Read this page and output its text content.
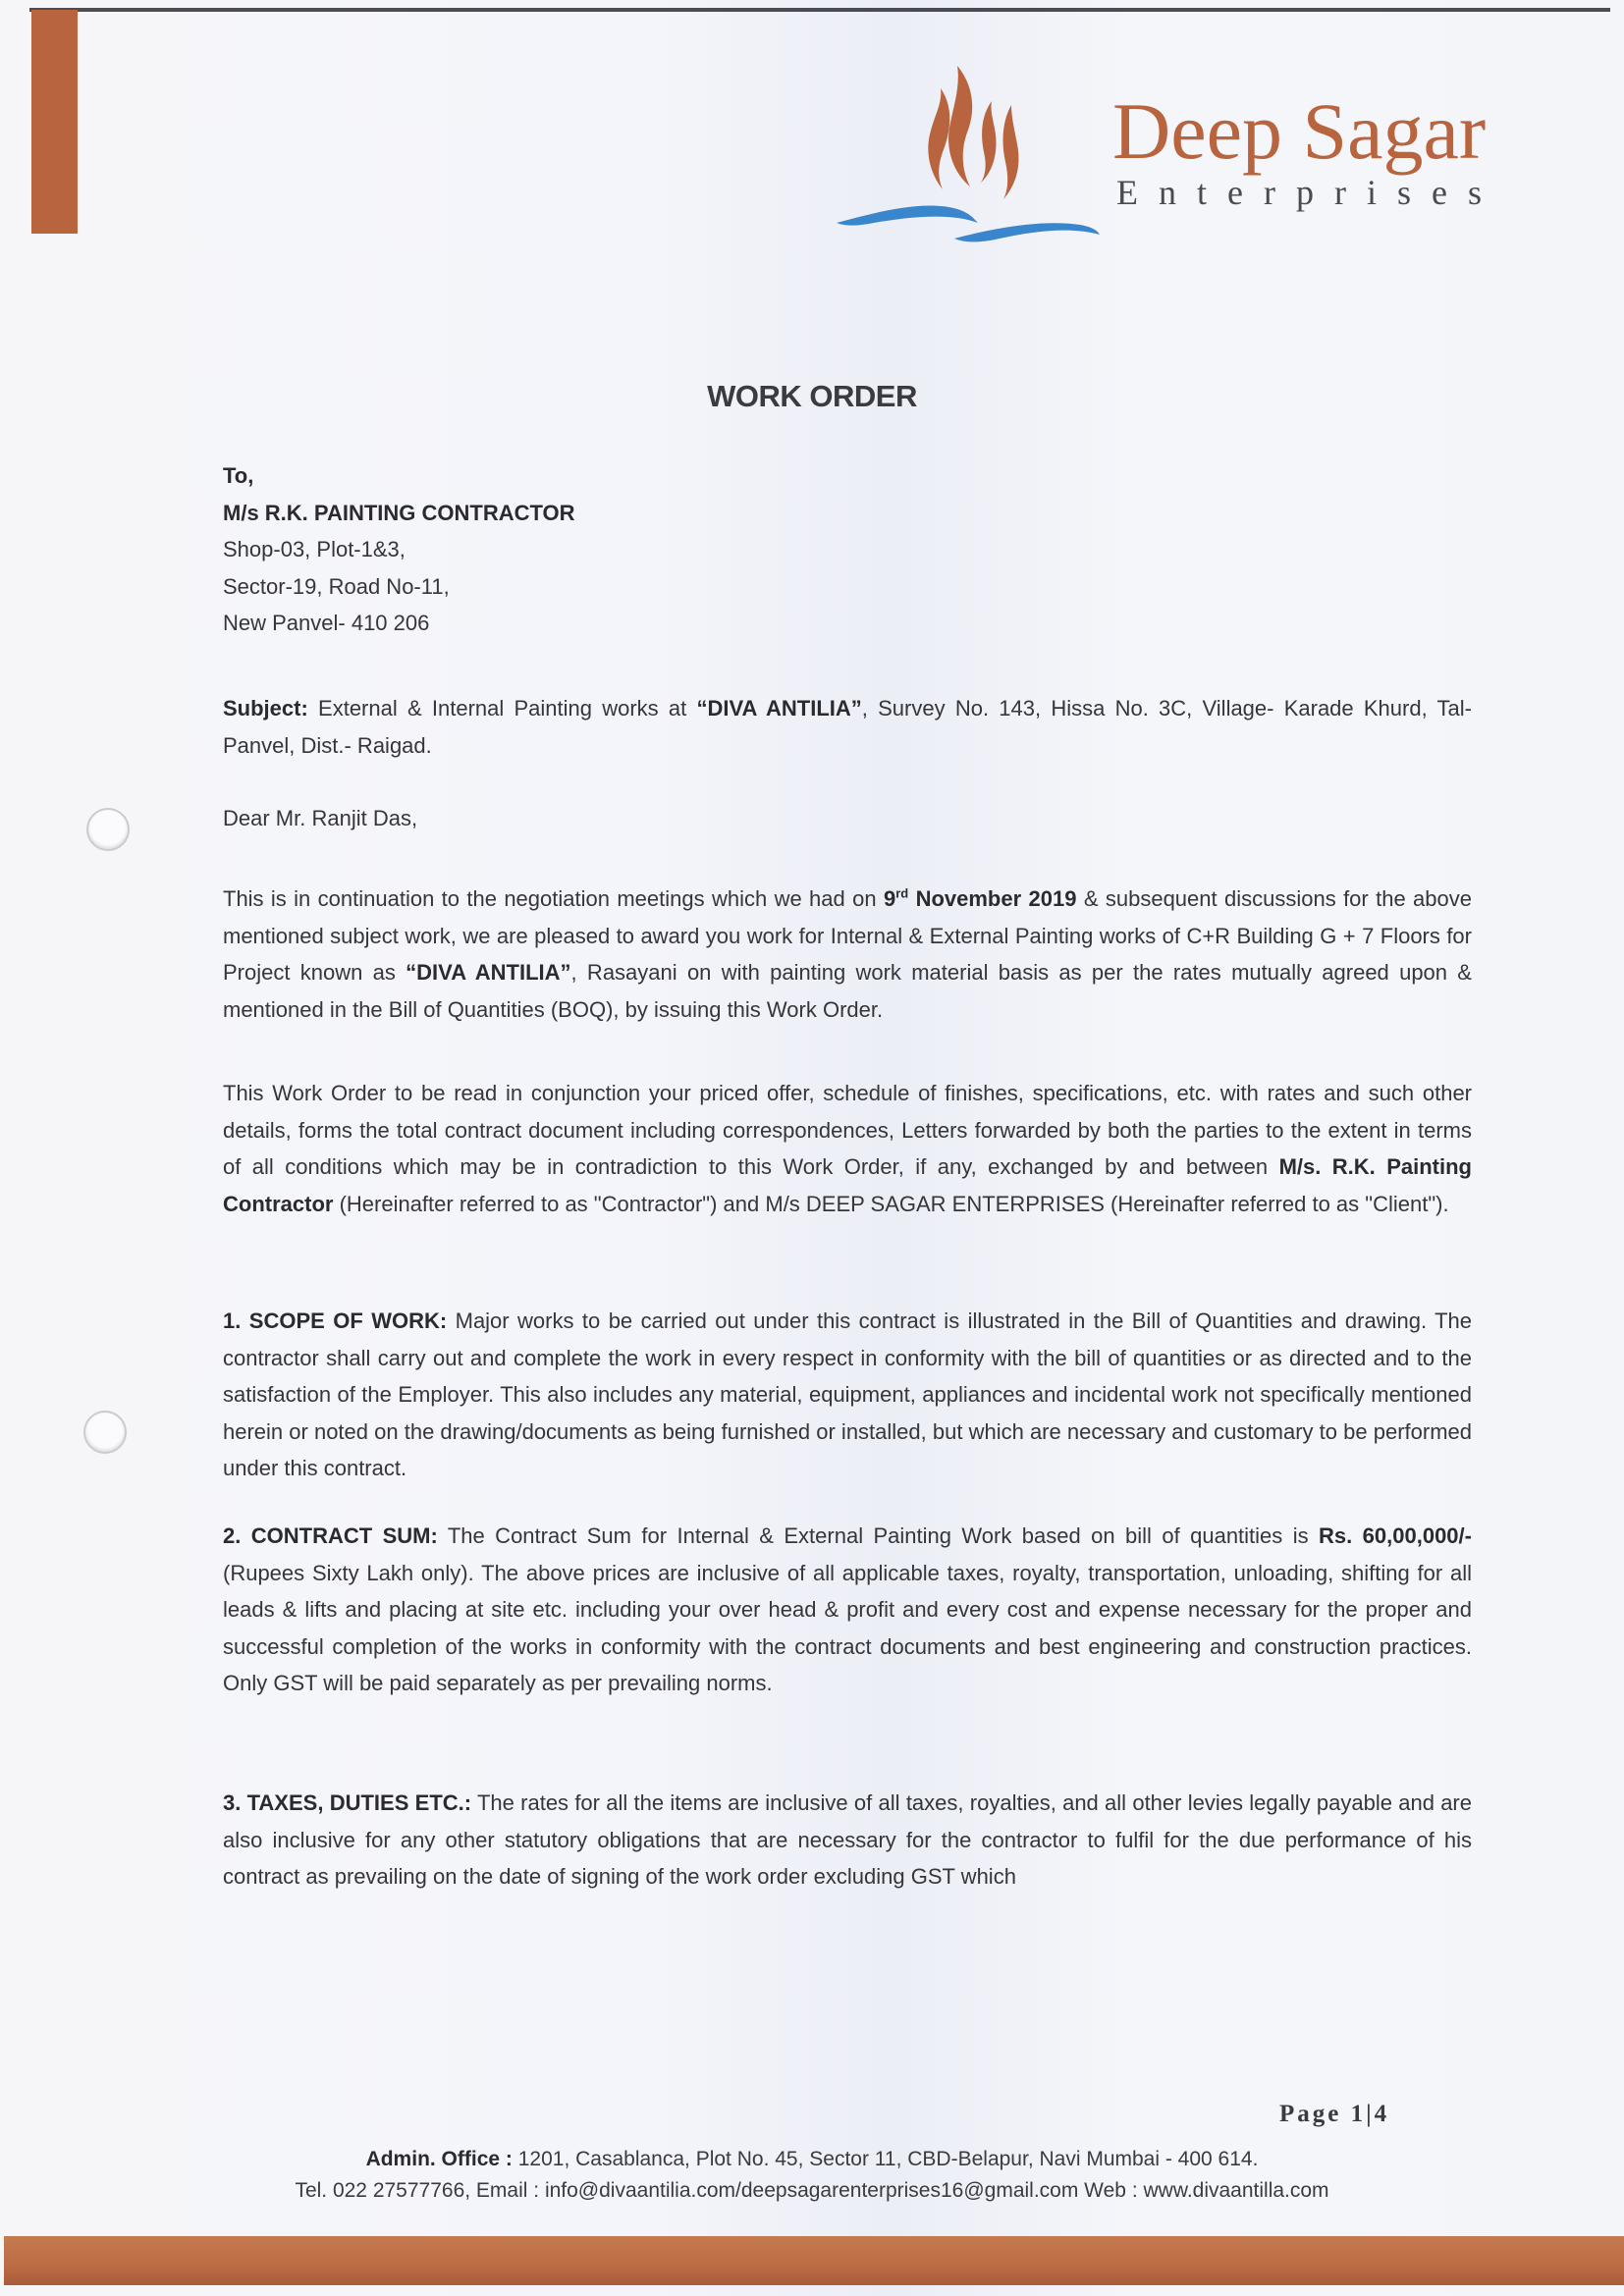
Deep Sagar
Enterprises
WORK ORDER

To,

M/s R.K. PAINTING CONTRACTOR

Shop-03, Plot-1&3,

Sector-19, Road No-11,

New Panvel- 410 206

Subject: External & Internal Painting works at “DIVA ANTILIA”, Survey No. 143, Hissa No. 3C, Village- Karade Khurd, Tal- Panvel, Dist.- Raigad.

Dear Mr. Ranjit Das,

This is in continuation to the negotiation meetings which we had on 9rd November 2019 & subsequent discussions for the above mentioned subject work, we are pleased to award you work for Internal & External Painting works of C+R Building G + 7 Floors for Project known as “DIVA ANTILIA”, Rasayani on with painting work material basis as per the rates mutually agreed upon & mentioned in the Bill of Quantities (BOQ), by issuing this Work Order.

This Work Order to be read in conjunction your priced offer, schedule of finishes, specifications, etc. with rates and such other details, forms the total contract document including correspondences, Letters forwarded by both the parties to the extent in terms of all conditions which may be in contradiction to this Work Order, if any, exchanged by and between M/s. R.K. Painting Contractor (Hereinafter referred to as "Contractor") and M/s DEEP SAGAR ENTERPRISES (Hereinafter referred to as "Client").

1. SCOPE OF WORK: Major works to be carried out under this contract is illustrated in the Bill of Quantities and drawing. The contractor shall carry out and complete the work in every respect in conformity with the bill of quantities or as directed and to the satisfaction of the Employer. This also includes any material, equipment, appliances and incidental work not specifically mentioned herein or noted on the drawing/documents as being furnished or installed, but which are necessary and customary to be performed under this contract.

2. CONTRACT SUM: The Contract Sum for Internal & External Painting Work based on bill of quantities is Rs. 60,00,000/- (Rupees Sixty Lakh only). The above prices are inclusive of all applicable taxes, royalty, transportation, unloading, shifting for all leads & lifts and placing at site etc. including your over head & profit and every cost and expense necessary for the proper and successful completion of the works in conformity with the contract documents and best engineering and construction practices. Only GST will be paid separately as per prevailing norms.

3. TAXES, DUTIES ETC.: The rates for all the items are inclusive of all taxes, royalties, and all other levies legally payable and are also inclusive for any other statutory obligations that are necessary for the contractor to fulfil for the due performance of his contract as prevailing on the date of signing of the work order excluding GST which

Page 1|4
Admin. Office : 1201, Casablanca, Plot No. 45, Sector 11, CBD-Belapur, Navi Mumbai - 400 614.
Tel. 022 27577766, Email : info@divaantilia.com/deepsagarenterprises16@gmail.com Web : www.divaantilla.com
